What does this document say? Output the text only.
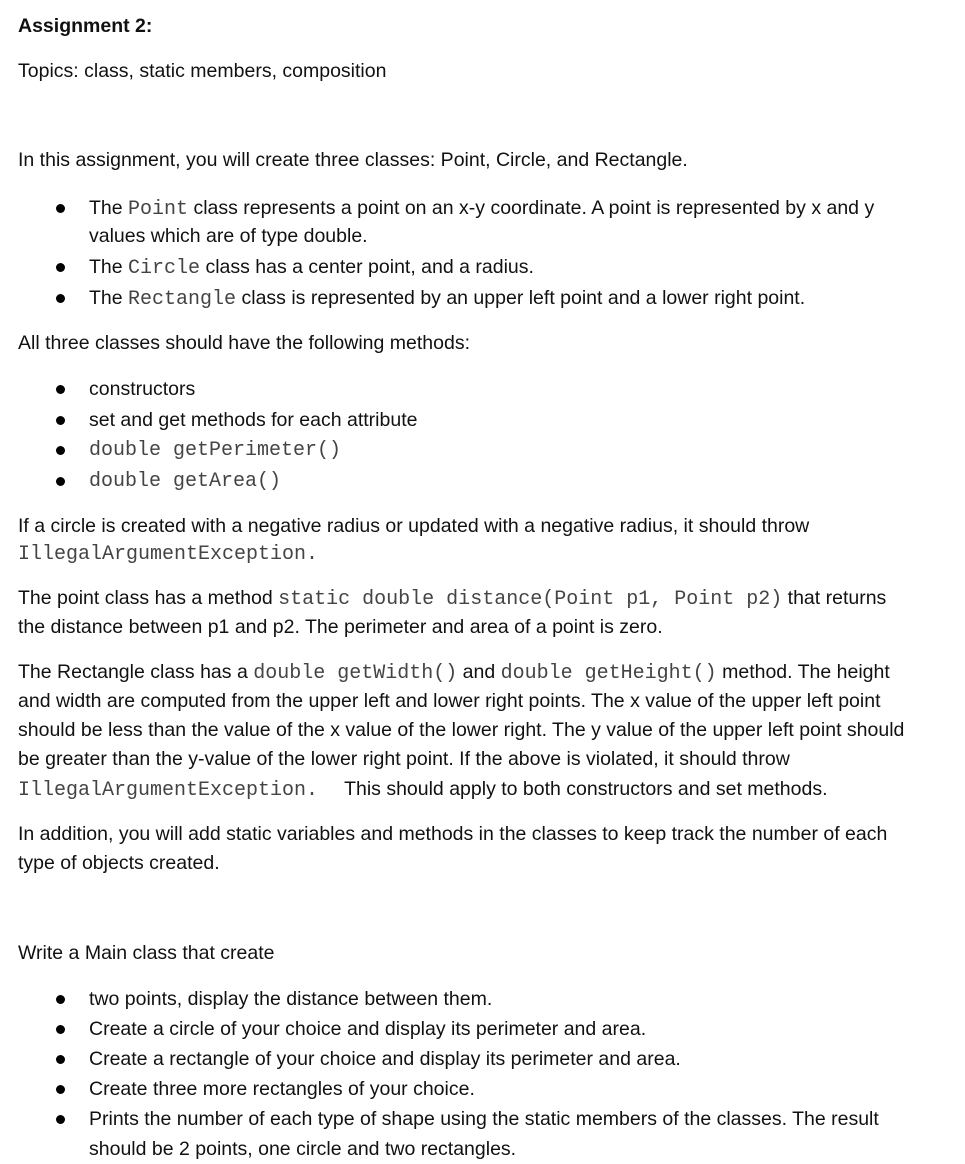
Assignment 2:
Topics: class, static members, composition
In this assignment, you will create three classes: Point, Circle, and Rectangle.
The Point class represents a point on an x-y coordinate. A point is represented by x and y
values which are of type double.
The Circle class has a center point, and a radius.
The Rectangle class is represented by an upper left point and a lower right point.
All three classes should have the following methods:
constructors
set and get methods for each attribute
double getPerimeter()
double getArea()
If a circle is created with a negative radius or updated with a negative radius, it should throw
IllegalArgumentException.
The point class has a method static double distance(Point p1, Point p2) that returns
the distance between p1 and p2. The perimeter and area of a point is zero.
The Rectangle class has a double getWidth() and double getHeight() method. The height
and width are computed from the upper left and lower right points. The x value of the upper left point
should be less than the value of the x value of the lower right. The y value of the upper left point should
be greater than the y-value of the lower right point. If the above is violated, it should throw
IllegalArgumentException. This should apply to both constructors and set methods.
In addition, you will add static variables and methods in the classes to keep track the number of each
type of objects created.
Write a Main class that create
two points, display the distance between them.
Create a circle of your choice and display its perimeter and area.
Create a rectangle of your choice and display its perimeter and area.
Create three more rectangles of your choice.
Prints the number of each type of shape using the static members of the classes. The result
should be 2 points, one circle and two rectangles.
